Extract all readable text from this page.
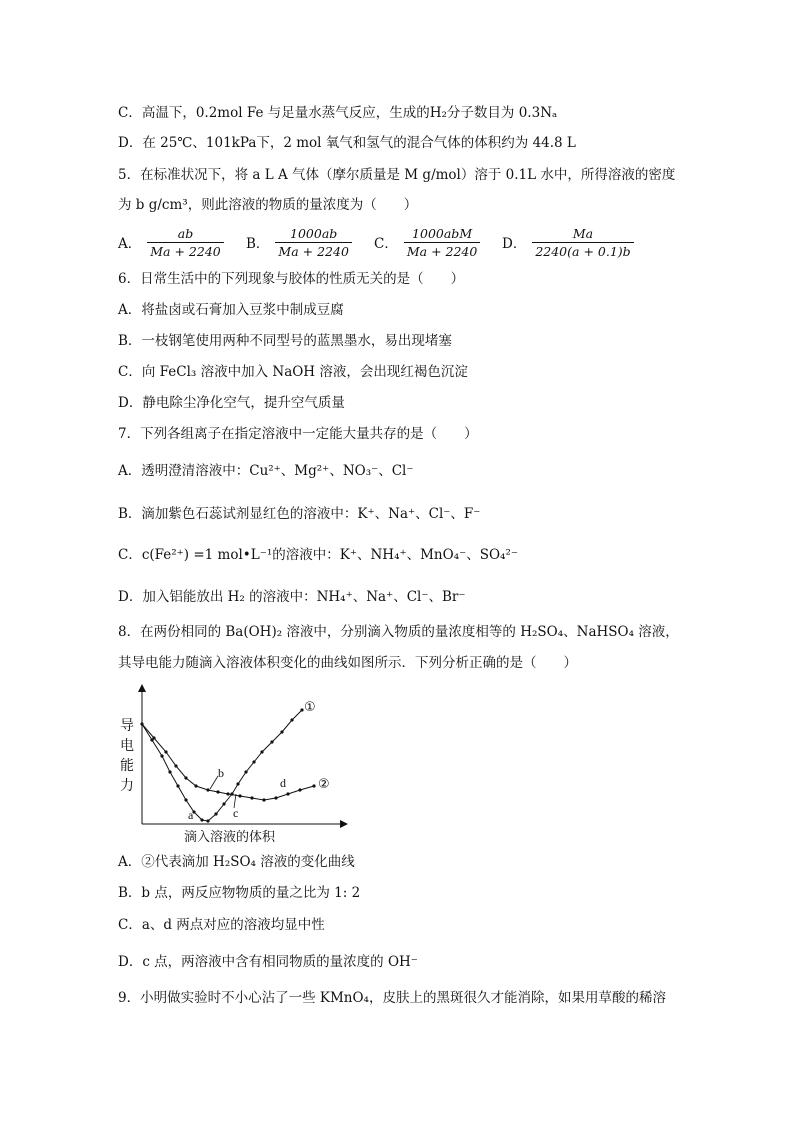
C．高温下，0.2mol Fe 与足量水蒸气反应，生成的H₂分子数目为 0.3Nₐ
D．在 25℃、101kPa下，2 mol 氧气和氢气的混合气体的体积约为 44.8 L
5．在标准状况下，将 a L A 气体（摩尔质量是 M g/mol）溶于 0.1L 水中，所得溶液的密度
为 b g/cm³，则此溶液的物质的量浓度为（　　）
A． $\frac{ab}{Ma + 2240}$ B． $\frac{1000ab}{Ma + 2240}$ C． $\frac{\text{1000abM}}{Ma + 2240}$ D． $\frac{Ma}{2240(a + 0.1)b}$
6．日常生活中的下列现象与胶体的性质无关的是（　　）
A．将盐卤或石膏加入豆浆中制成豆腐
B．一枝钢笔使用两种不同型号的蓝黑墨水，易出现堵塞
C．向 FeCl₃ 溶液中加入 NaOH 溶液，会出现红褐色沉淀
D．静电除尘净化空气，提升空气质量
7．下列各组离子在指定溶液中一定能大量共存的是（　　）
A．透明澄清溶液中：Cu²⁺、Mg²⁺、NO₃⁻、Cl⁻
B．滴加紫色石蕊试剂显红色的溶液中：K⁺、Na⁺、Cl⁻、F⁻
C．c(Fe²⁺) =1 mol•L⁻¹的溶液中：K⁺、NH₄⁺、MnO₄⁻、SO₄²⁻
D．加入铝能放出 H₂ 的溶液中：NH₄⁺、Na⁺、Cl⁻、Br⁻
8．在两份相同的 Ba(OH)₂ 溶液中，分别滴入物质的量浓度相等的 H₂SO₄、NaHSO₄ 溶液，
其导电能力随滴入溶液体积变化的曲线如图所示．下列分析正确的是（　　）
导电能力
滴入溶液的体积
a
b
c
d
①
②
A．②代表滴加 H₂SO₄ 溶液的变化曲线
B．b 点，两反应物物质的量之比为 1: 2
C．a、d 两点对应的溶液均显中性
D．c 点，两溶液中含有相同物质的量浓度的 OH⁻
9．小明做实验时不小心沾了一些 KMnO₄，皮肤上的黑斑很久才能消除，如果用草酸的稀溶
